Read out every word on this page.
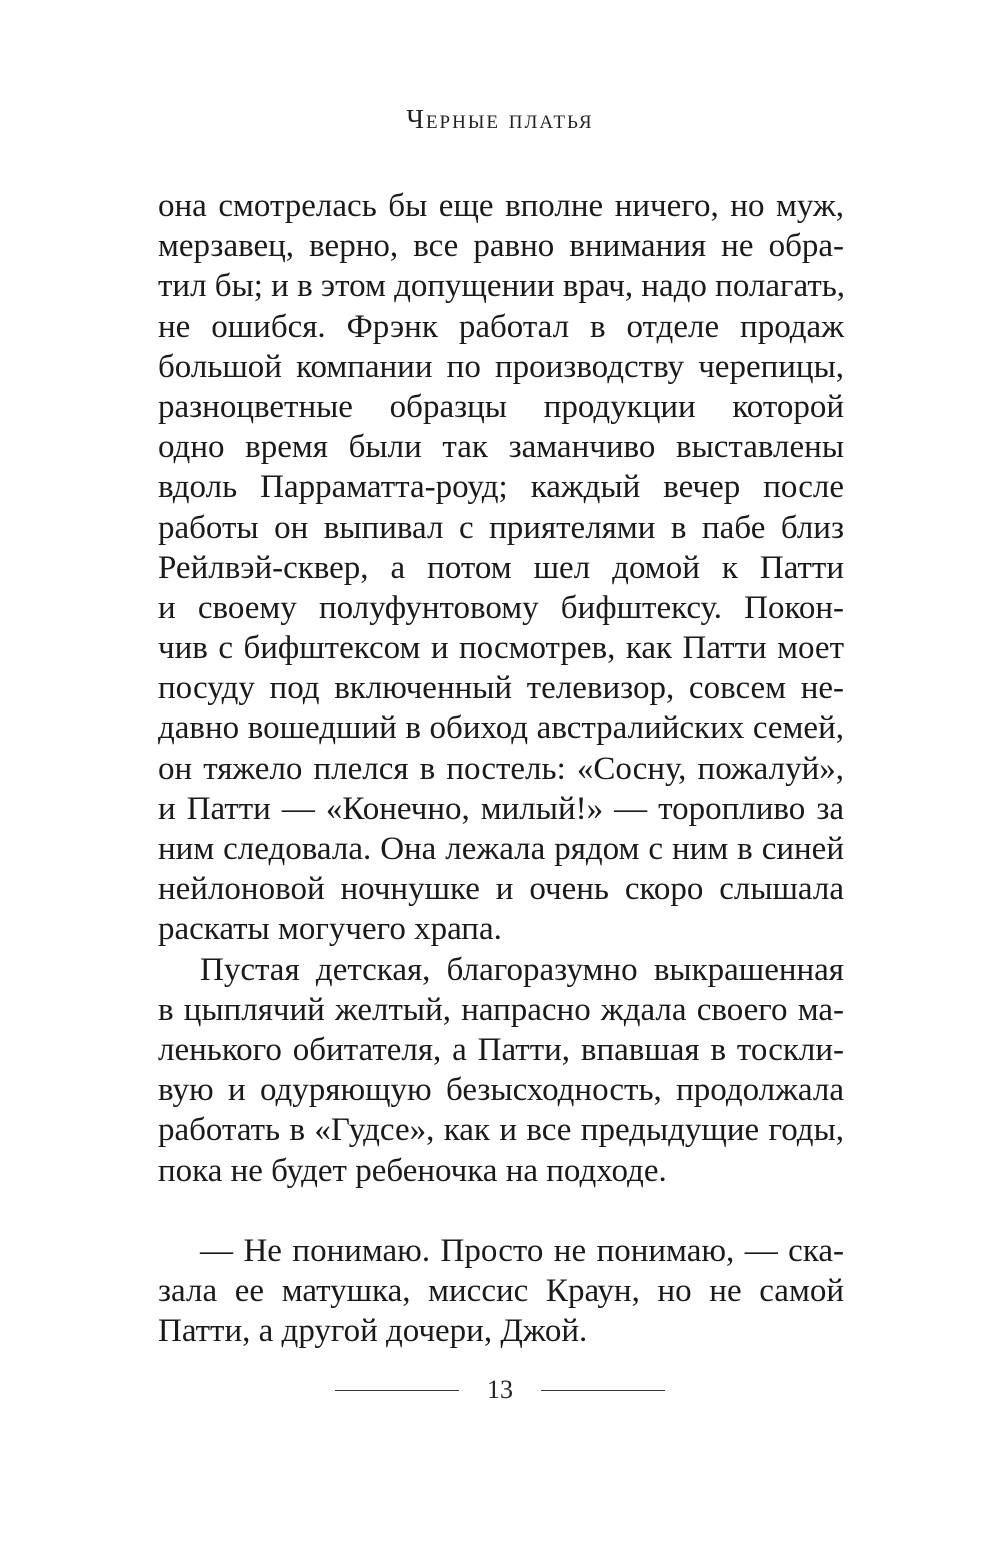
Черные платья
она смотрелась бы еще вполне ничего, но муж,
мерзавец, верно, все равно внимания не обра-
тил бы; и в этом допущении врач, надо полагать,
не ошибся. Фрэнк работал в отделе продаж
большой компании по производству черепицы,
разноцветные образцы продукции которой
одно время были так заманчиво выставлены
вдоль Парраматта-роуд; каждый вечер после
работы он выпивал с приятелями в пабе близ
Рейлвэй-сквер, а потом шел домой к Патти
и своему полуфунтовому бифштексу. Покон-
чив с бифштексом и посмотрев, как Патти моет
посуду под включенный телевизор, совсем не-
давно вошедший в обиход австралийских семей,
он тяжело плелся в постель: «Сосну, пожалуй»,
и Патти — «Конечно, милый!» — торопливо за
ним следовала. Она лежала рядом с ним в синей
нейлоновой ночнушке и очень скоро слышала
раскаты могучего храпа.
Пустая детская, благоразумно выкрашенная
в цыплячий желтый, напрасно ждала своего ма-
ленького обитателя, а Патти, впавшая в тоскли-
вую и одуряющую безысходность, продолжала
работать в «Гудсе», как и все предыдущие годы,
пока не будет ребеночка на подходе.
— Не понимаю. Просто не понимаю, — ска-
зала ее матушка, миссис Краун, но не самой
Патти, а другой дочери, Джой.
13
